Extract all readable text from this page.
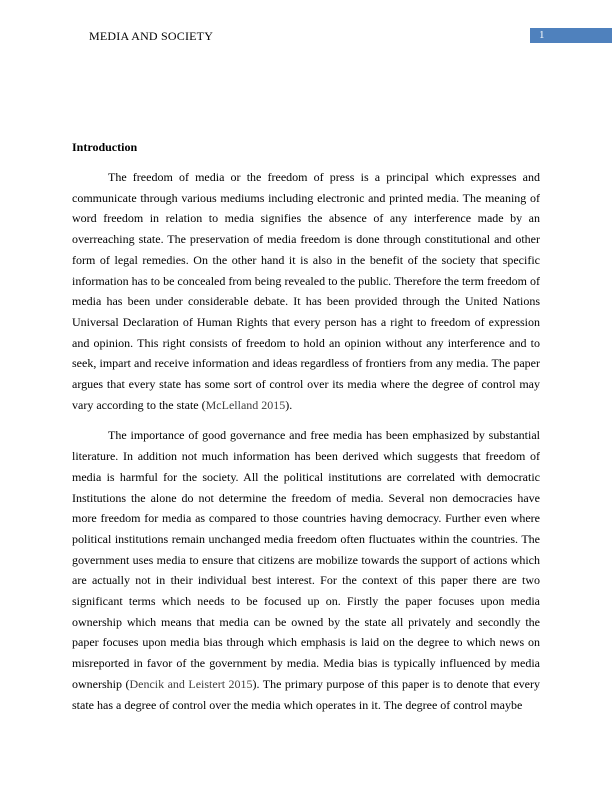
MEDIA AND SOCIETY	1
Introduction

The freedom of media or the freedom of press is a principal which expresses and communicate through various mediums including electronic and printed media. The meaning of word freedom in relation to media signifies the absence of any interference made by an overreaching state. The preservation of media freedom is done through constitutional and other form of legal remedies. On the other hand it is also in the benefit of the society that specific information has to be concealed from being revealed to the public. Therefore the term freedom of media has been under considerable debate. It has been provided through the United Nations Universal Declaration of Human Rights that every person has a right to freedom of expression and opinion. This right consists of freedom to hold an opinion without any interference and to seek, impart and receive information and ideas regardless of frontiers from any media. The paper argues that every state has some sort of control over its media where the degree of control may vary according to the state (McLelland 2015).

The importance of good governance and free media has been emphasized by substantial literature. In addition not much information has been derived which suggests that freedom of media is harmful for the society. All the political institutions are correlated with democratic Institutions the alone do not determine the freedom of media. Several non democracies have more freedom for media as compared to those countries having democracy. Further even where political institutions remain unchanged media freedom often fluctuates within the countries. The government uses media to ensure that citizens are mobilize towards the support of actions which are actually not in their individual best interest. For the context of this paper there are two significant terms which needs to be focused up on. Firstly the paper focuses upon media ownership which means that media can be owned by the state all privately and secondly the paper focuses upon media bias through which emphasis is laid on the degree to which news on misreported in favor of the government by media. Media bias is typically influenced by media ownership (Dencik and Leistert 2015). The primary purpose of this paper is to denote that every state has a degree of control over the media which operates in it. The degree of control maybe
